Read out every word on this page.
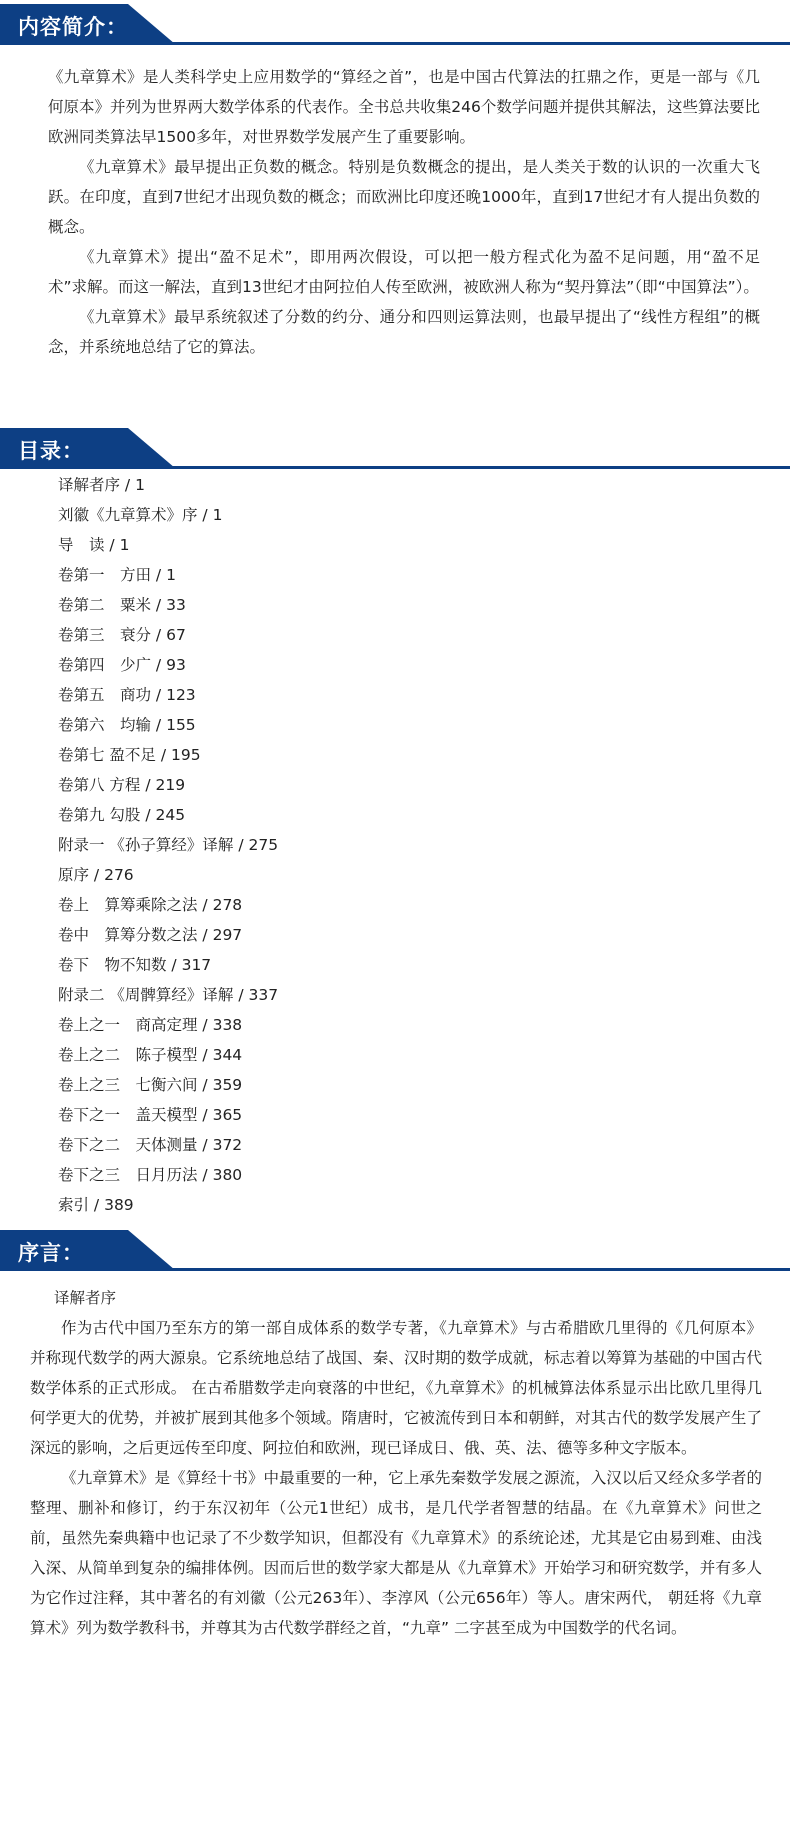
内容简介：

《九章算术》是人类科学史上应用数学的“算经之首”，也是中国古代算法的扛鼎之作，更是一部与《几何原本》并列为世界两大数学体系的代表作。全书总共收集246个数学问题并提供其解法，这些算法要比欧洲同类算法早1500多年，对世界数学发展产生了重要影响。

《九章算术》最早提出正负数的概念。特别是负数概念的提出，是人类关于数的认识的一次重大飞跃。在印度，直到7世纪才出现负数的概念；而欧洲比印度还晚1000年，直到17世纪才有人提出负数的概念。

《九章算术》提出“盈不足术”，即用两次假设，可以把一般方程式化为盈不足问题，用“盈不足术”求解。而这一解法，直到13世纪才由阿拉伯人传至欧洲，被欧洲人称为“契丹算法”（即“中国算法”）。

《九章算术》最早系统叙述了分数的约分、通分和四则运算法则，也最早提出了“线性方程组”的概念，并系统地总结了它的算法。

目录：
译解者序 / 1
刘徽《九章算术》序 / 1
导　读 / 1
卷第一　方田 / 1
卷第二　粟米 / 33
卷第三　衰分 / 67
卷第四　少广 / 93
卷第五　商功 / 123
卷第六　均输 / 155
卷第七 盈不足 / 195
卷第八 方程 / 219
卷第九 勾股 / 245
附录一 《孙子算经》译解 / 275
原序 / 276
卷上　算筹乘除之法 / 278
卷中　算筹分数之法 / 297
卷下　物不知数 / 317
附录二 《周髀算经》译解 / 337
卷上之一　商高定理 / 338
卷上之二　陈子模型 / 344
卷上之三　七衡六间 / 359
卷下之一　盖天模型 / 365
卷下之二　天体测量 / 372
卷下之三　日月历法 / 380
索引 / 389
序言：
译解者序

作为古代中国乃至东方的第一部自成体系的数学专著，《九章算术》与古希腊欧几里得的《几何原本》并称现代数学的两大源泉。它系统地总结了战国、秦、汉时期的数学成就，标志着以筹算为基础的中国古代数学体系的正式形成。 在古希腊数学走向衰落的中世纪，《九章算术》的机械算法体系显示出比欧几里得几何学更大的优势，并被扩展到其他多个领域。隋唐时，它被流传到日本和朝鲜，对其古代的数学发展产生了深远的影响，之后更远传至印度、阿拉伯和欧洲，现已译成日、俄、英、法、德等多种文字版本。

《九章算术》是《算经十书》中最重要的一种，它上承先秦数学发展之源流，入汉以后又经众多学者的整理、删补和修订，约于东汉初年（公元1世纪）成书，是几代学者智慧的结晶。在《九章算术》问世之前，虽然先秦典籍中也记录了不少数学知识，但都没有《九章算术》的系统论述，尤其是它由易到难、由浅入深、从简单到复杂的编排体例。因而后世的数学家大都是从《九章算术》开始学习和研究数学，并有多人为它作过注释，其中著名的有刘徽（公元263年）、李淳风（公元656年）等人。唐宋两代， 朝廷将《九章算术》列为数学教科书，并尊其为古代数学群经之首，“九章” 二字甚至成为中国数学的代名词。
